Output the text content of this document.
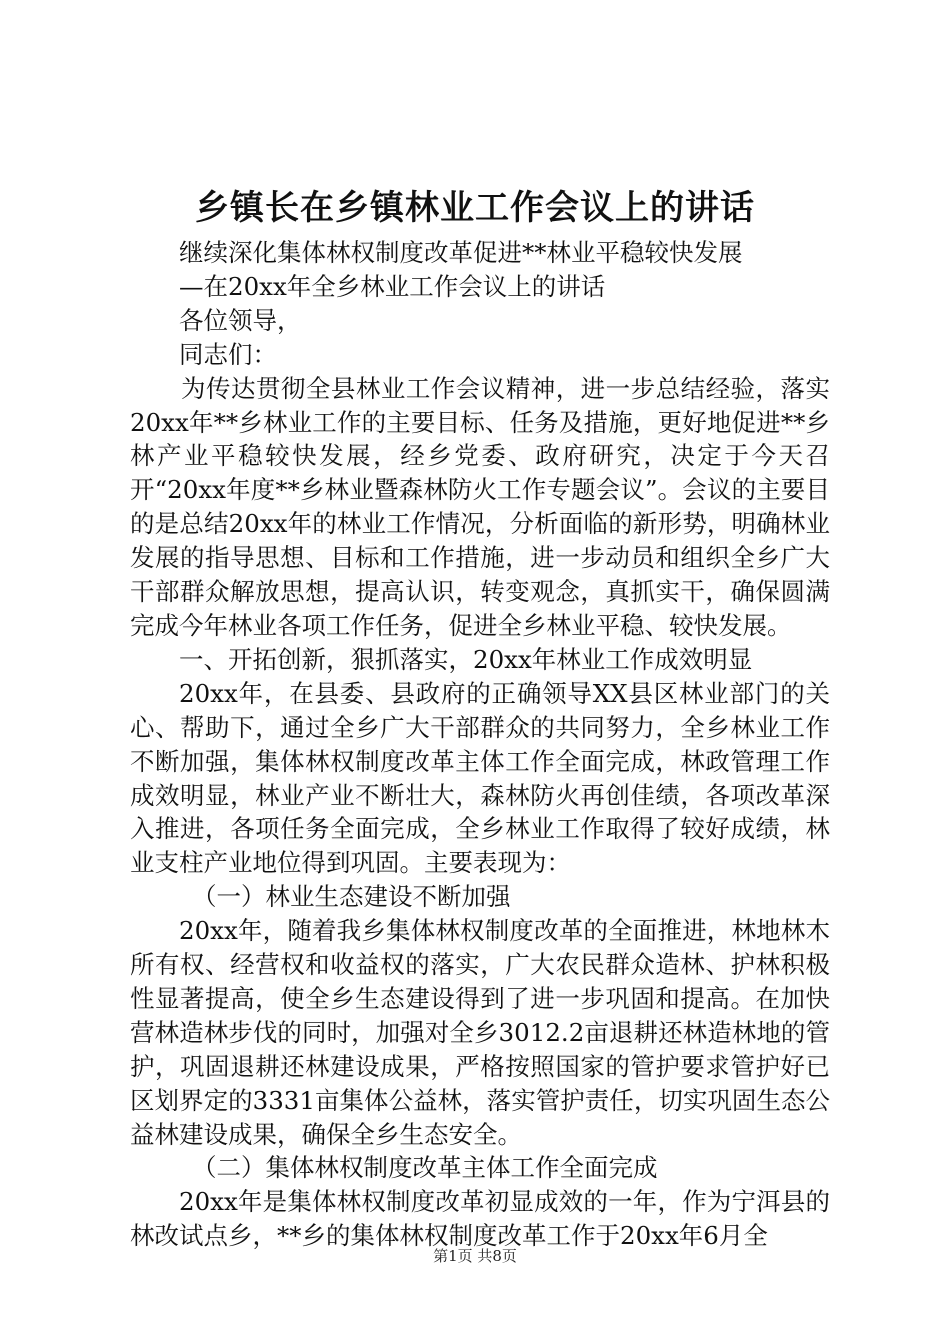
乡镇长在乡镇林业工作会议上的讲话

继续深化集体林权制度改革促进**林业平稳较快发展

—在20xx年全乡林业工作会议上的讲话

各位领导，

同志们：

为传达贯彻全县林业工作会议精神，进一步总结经验，落实20xx年**乡林业工作的主要目标、任务及措施，更好地促进**乡林产业平稳较快发展，经乡党委、政府研究，决定于今天召开“20xx年度**乡林业暨森林防火工作专题会议”。会议的主要目的是总结20xx年的林业工作情况，分析面临的新形势，明确林业发展的指导思想、目标和工作措施，进一步动员和组织全乡广大干部群众解放思想，提高认识，转变观念，真抓实干，确保圆满完成今年林业各项工作任务，促进全乡林业平稳、较快发展。

一、开拓创新，狠抓落实，20xx年林业工作成效明显

20xx年，在县委、县政府的正确领导XX县区林业部门的关心、帮助下，通过全乡广大干部群众的共同努力，全乡林业工作不断加强，集体林权制度改革主体工作全面完成，林政管理工作成效明显，林业产业不断壮大，森林防火再创佳绩，各项改革深入推进，各项任务全面完成，全乡林业工作取得了较好成绩，林业支柱产业地位得到巩固。主要表现为：

（一）林业生态建设不断加强

20xx年，随着我乡集体林权制度改革的全面推进，林地林木所有权、经营权和收益权的落实，广大农民群众造林、护林积极性显著提高，使全乡生态建设得到了进一步巩固和提高。在加快营林造林步伐的同时，加强对全乡3012.2亩退耕还林造林地的管护，巩固退耕还林建设成果，严格按照国家的管护要求管护好已区划界定的3331亩集体公益林，落实管护责任，切实巩固生态公益林建设成果，确保全乡生态安全。

（二）集体林权制度改革主体工作全面完成

20xx年是集体林权制度改革初显成效的一年，作为宁洱县的林改试点乡，**乡的集体林权制度改革工作于20xx年6月全

第1页 共8页
